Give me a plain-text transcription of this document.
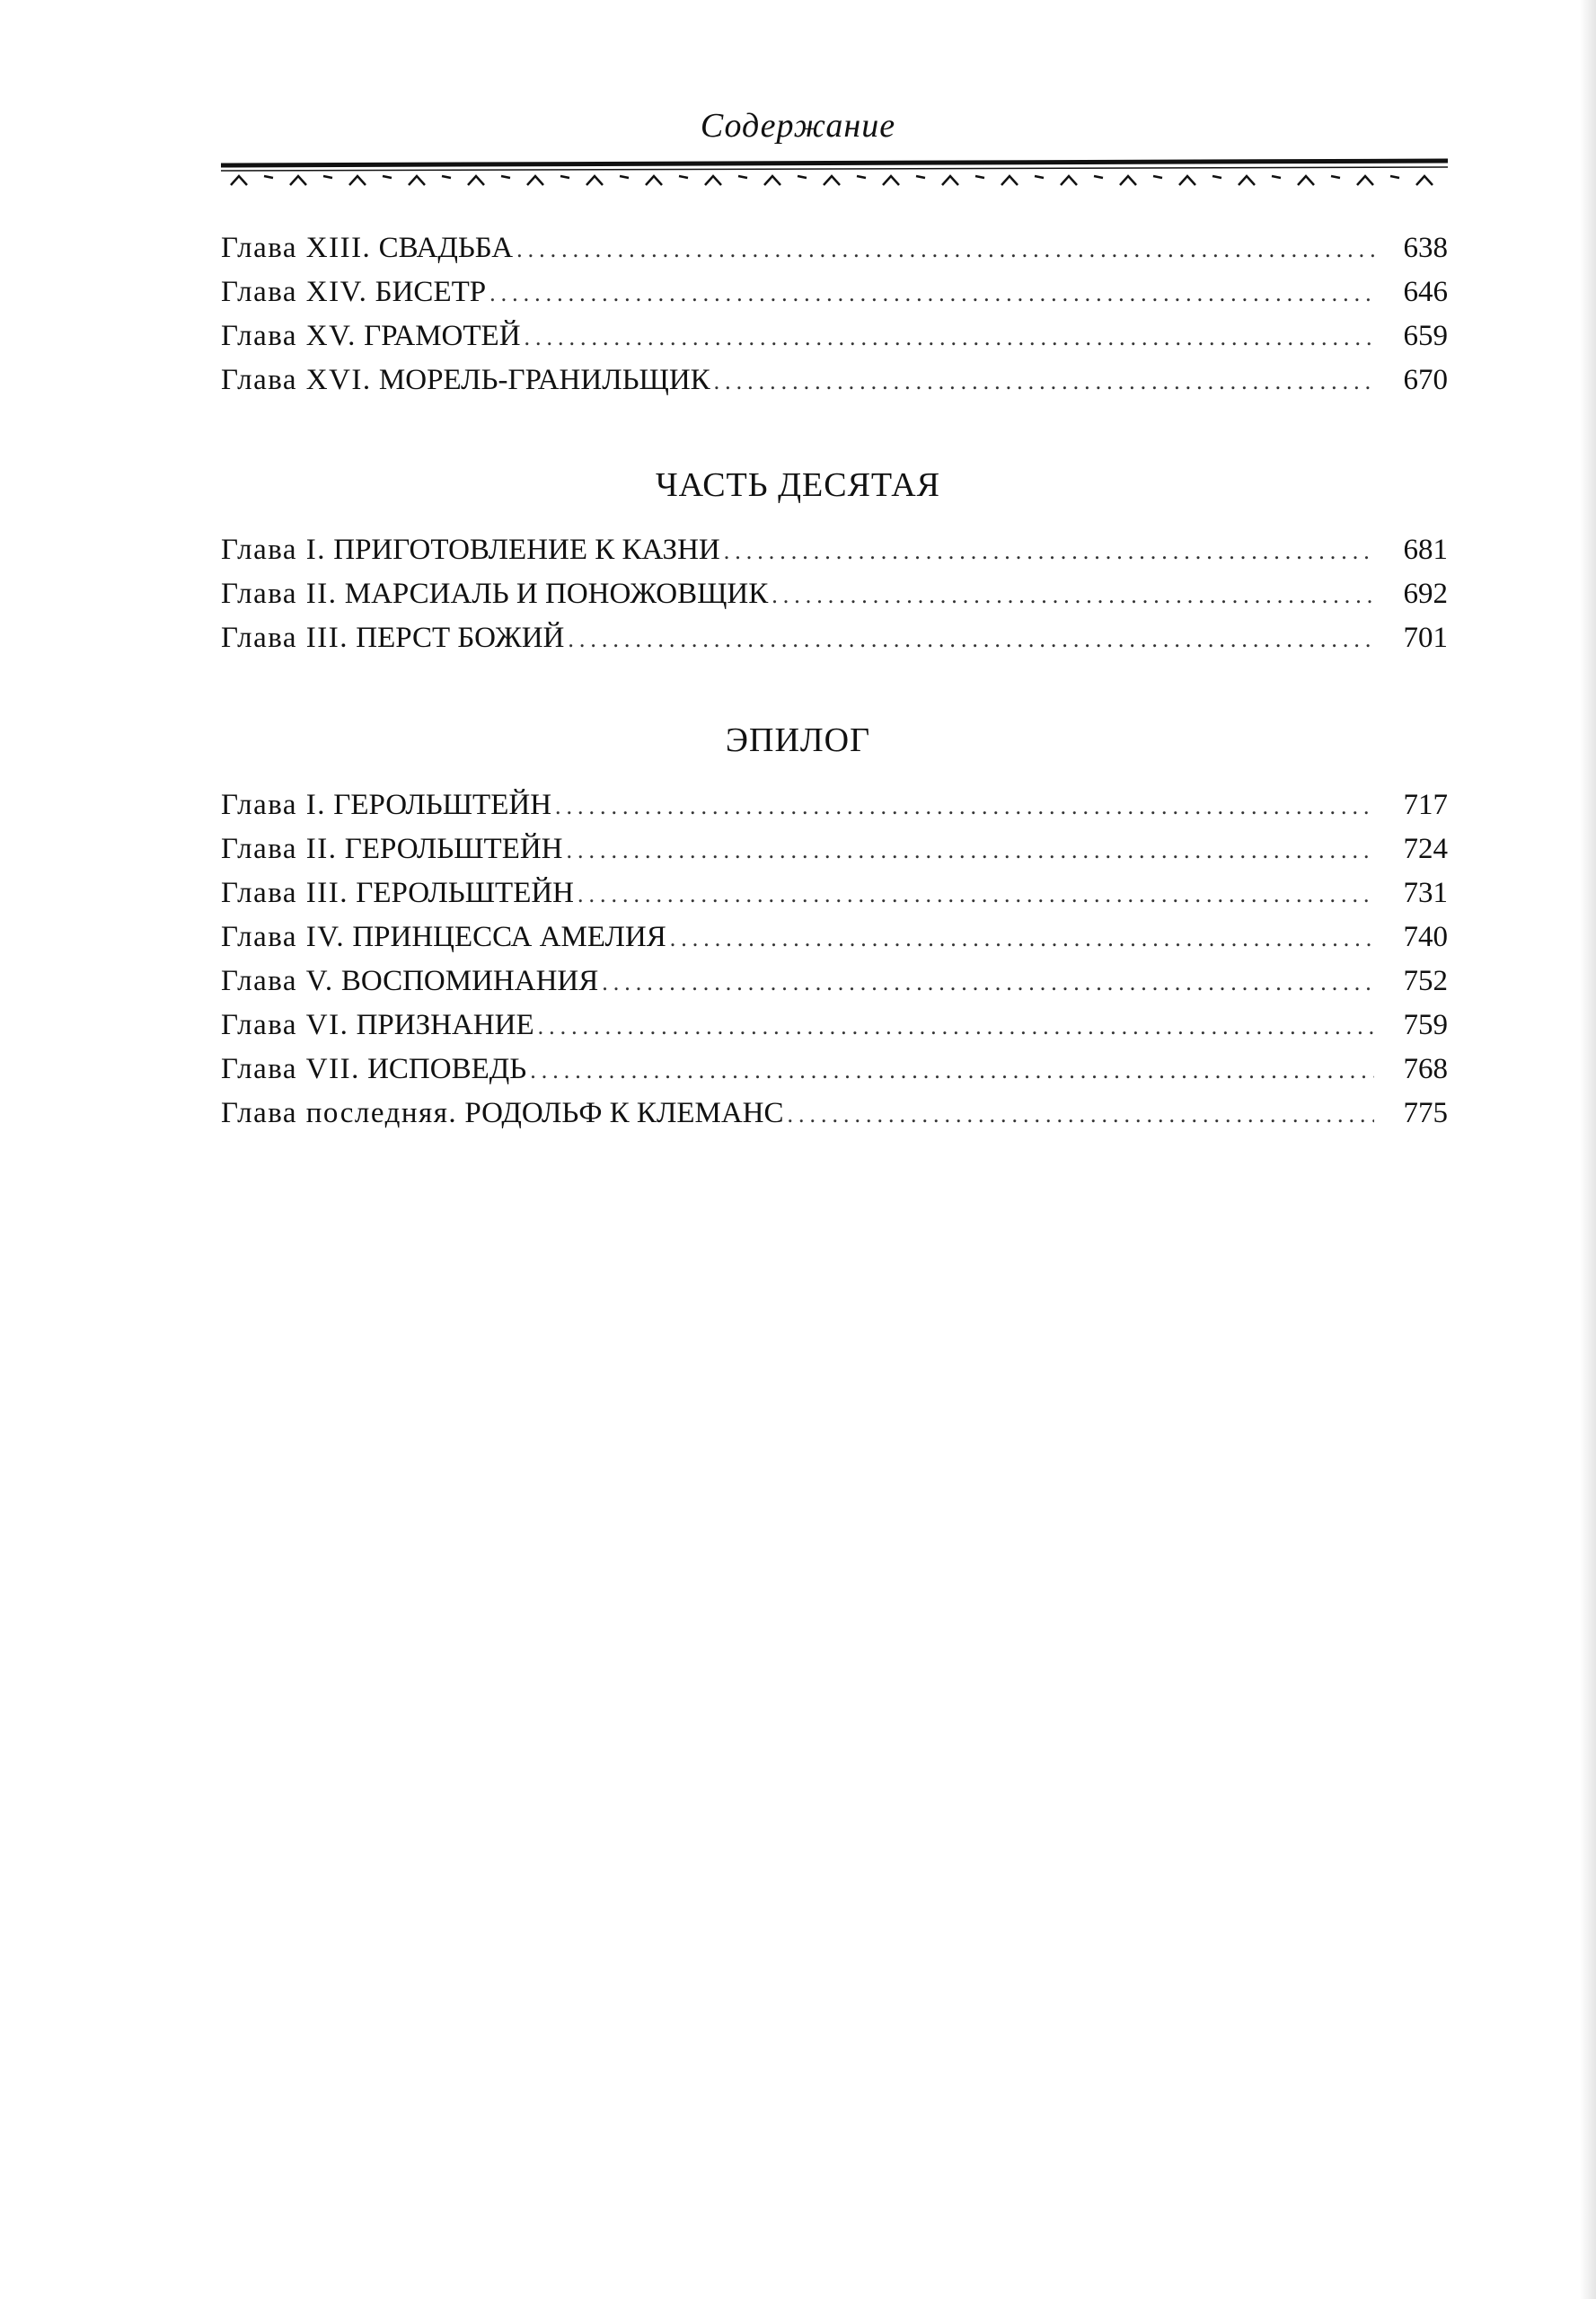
Содержание
Глава XIII. СВАДЬБА .....	638
Глава XIV. БИСЕТР .....	646
Глава XV. ГРАМОТЕЙ .....	659
Глава XVI. МОРЕЛЬ-ГРАНИЛЬЩИК .....	670
ЧАСТЬ ДЕСЯТАЯ
Глава I. ПРИГОТОВЛЕНИЕ К КАЗНИ .....	681
Глава II. МАРСИАЛЬ И ПОНОЖОВЩИК .....	692
Глава III. ПЕРСТ БОЖИЙ .....	701
ЭПИЛОГ
Глава I. ГЕРОЛЬШТЕЙН .....	717
Глава II. ГЕРОЛЬШТЕЙН .....	724
Глава III. ГЕРОЛЬШТЕЙН .....	731
Глава IV. ПРИНЦЕССА АМЕЛИЯ .....	740
Глава V. ВОСПОМИНАНИЯ .....	752
Глава VI. ПРИЗНАНИЕ .....	759
Глава VII. ИСПОВЕДЬ .....	768
Глава последняя. РОДОЛЬФ К КЛЕМАНС .....	775
